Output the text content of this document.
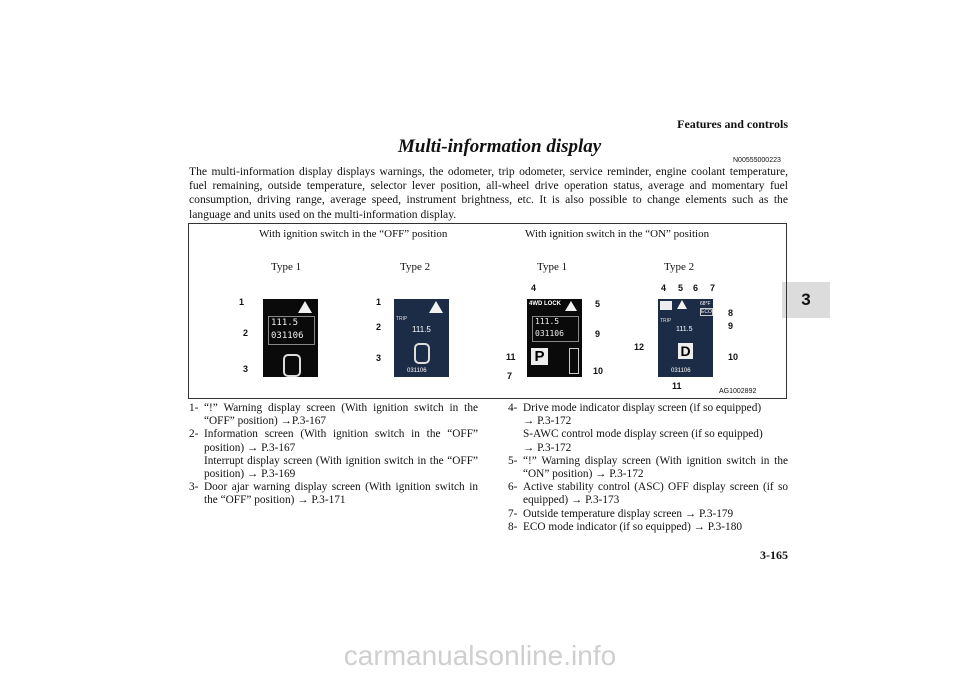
Features and controls
3
Multi-information display
N00555000223
The multi-information display displays warnings, the odometer, trip odometer, service reminder, engine coolant temperature, fuel remaining, outside temperature, selector lever position, all-wheel drive operation status, average and momentary fuel consumption, driving range, average speed, instrument brightness, etc. It is also possible to change elements such as the language and units used on the multi-information display.
With ignition switch in the “OFF” position	With ignition switch in the “ON” position
Type 1	Type 2	Type 1	Type 2
111.5
031106
TRIP
111.5
031106
4WD LOCK
111.5
031106
P
68°F
ECO
TRIP
111.5
D
031106
1
2
3
1
2
3
4
5
9
11
7	10
4 5 6 7
8
9
12
10
11
AG1002892
1- “!” Warning display screen (With ignition switch in the “OFF” position) →P.3-167
2- Information screen (With ignition switch in the “OFF” position) → P.3-167
Interrupt display screen (With ignition switch in the “OFF” position) → P.3-169
3- Door ajar warning display screen (With ignition switch in the “OFF” position) → P.3-171
4- Drive mode indicator display screen (if so equipped)
→ P.3-172
S-AWC control mode display screen (if so equipped)
→ P.3-172
5- “!” Warning display screen (With ignition switch in the “ON” position) → P.3-172
6- Active stability control (ASC) OFF display screen (if so equipped) → P.3-173
7- Outside temperature display screen → P.3-179
8- ECO mode indicator (if so equipped) → P.3-180
3-165
carmanualsonline.info
